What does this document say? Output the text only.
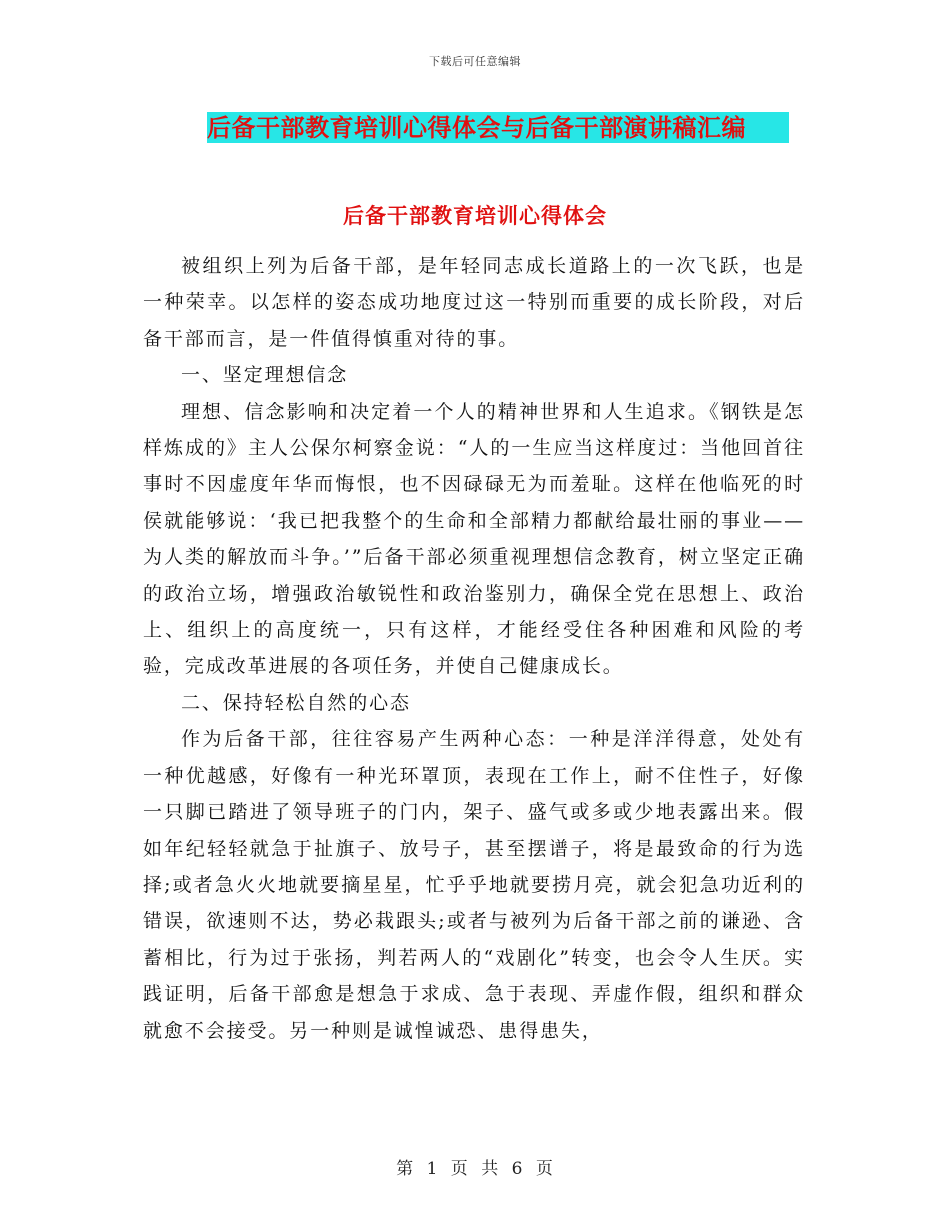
下载后可任意编辑
后备干部教育培训心得体会与后备干部演讲稿汇编
后备干部教育培训心得体会

被组织上列为后备干部，是年轻同志成长道路上的一次飞跃，也是一种荣幸。以怎样的姿态成功地度过这一特别而重要的成长阶段，对后备干部而言，是一件值得慎重对待的事。

一、坚定理想信念

理想、信念影响和决定着一个人的精神世界和人生追求。《钢铁是怎样炼成的》主人公保尔柯察金说：“人的一生应当这样度过：当他回首往事时不因虚度年华而悔恨，也不因碌碌无为而羞耻。这样在他临死的时侯就能够说：‘我已把我整个的生命和全部精力都献给最壮丽的事业——为人类的解放而斗争。’”后备干部必须重视理想信念教育，树立坚定正确的政治立场，增强政治敏锐性和政治鉴别力，确保全党在思想上、政治上、组织上的高度统一，只有这样，才能经受住各种困难和风险的考验，完成改革进展的各项任务，并使自己健康成长。

二、保持轻松自然的心态

作为后备干部，往往容易产生两种心态：一种是洋洋得意，处处有一种优越感，好像有一种光环罩顶，表现在工作上，耐不住性子，好像一只脚已踏进了领导班子的门内，架子、盛气或多或少地表露出来。假如年纪轻轻就急于扯旗子、放号子，甚至摆谱子，将是最致命的行为选择;或者急火火地就要摘星星，忙乎乎地就要捞月亮，就会犯急功近利的错误，欲速则不达，势必栽跟头;或者与被列为后备干部之前的谦逊、含蓄相比，行为过于张扬，判若两人的“戏剧化”转变，也会令人生厌。实践证明，后备干部愈是想急于求成、急于表现、弄虚作假，组织和群众就愈不会接受。另一种则是诚惶诚恐、患得患失，

第 1 页 共 6 页
